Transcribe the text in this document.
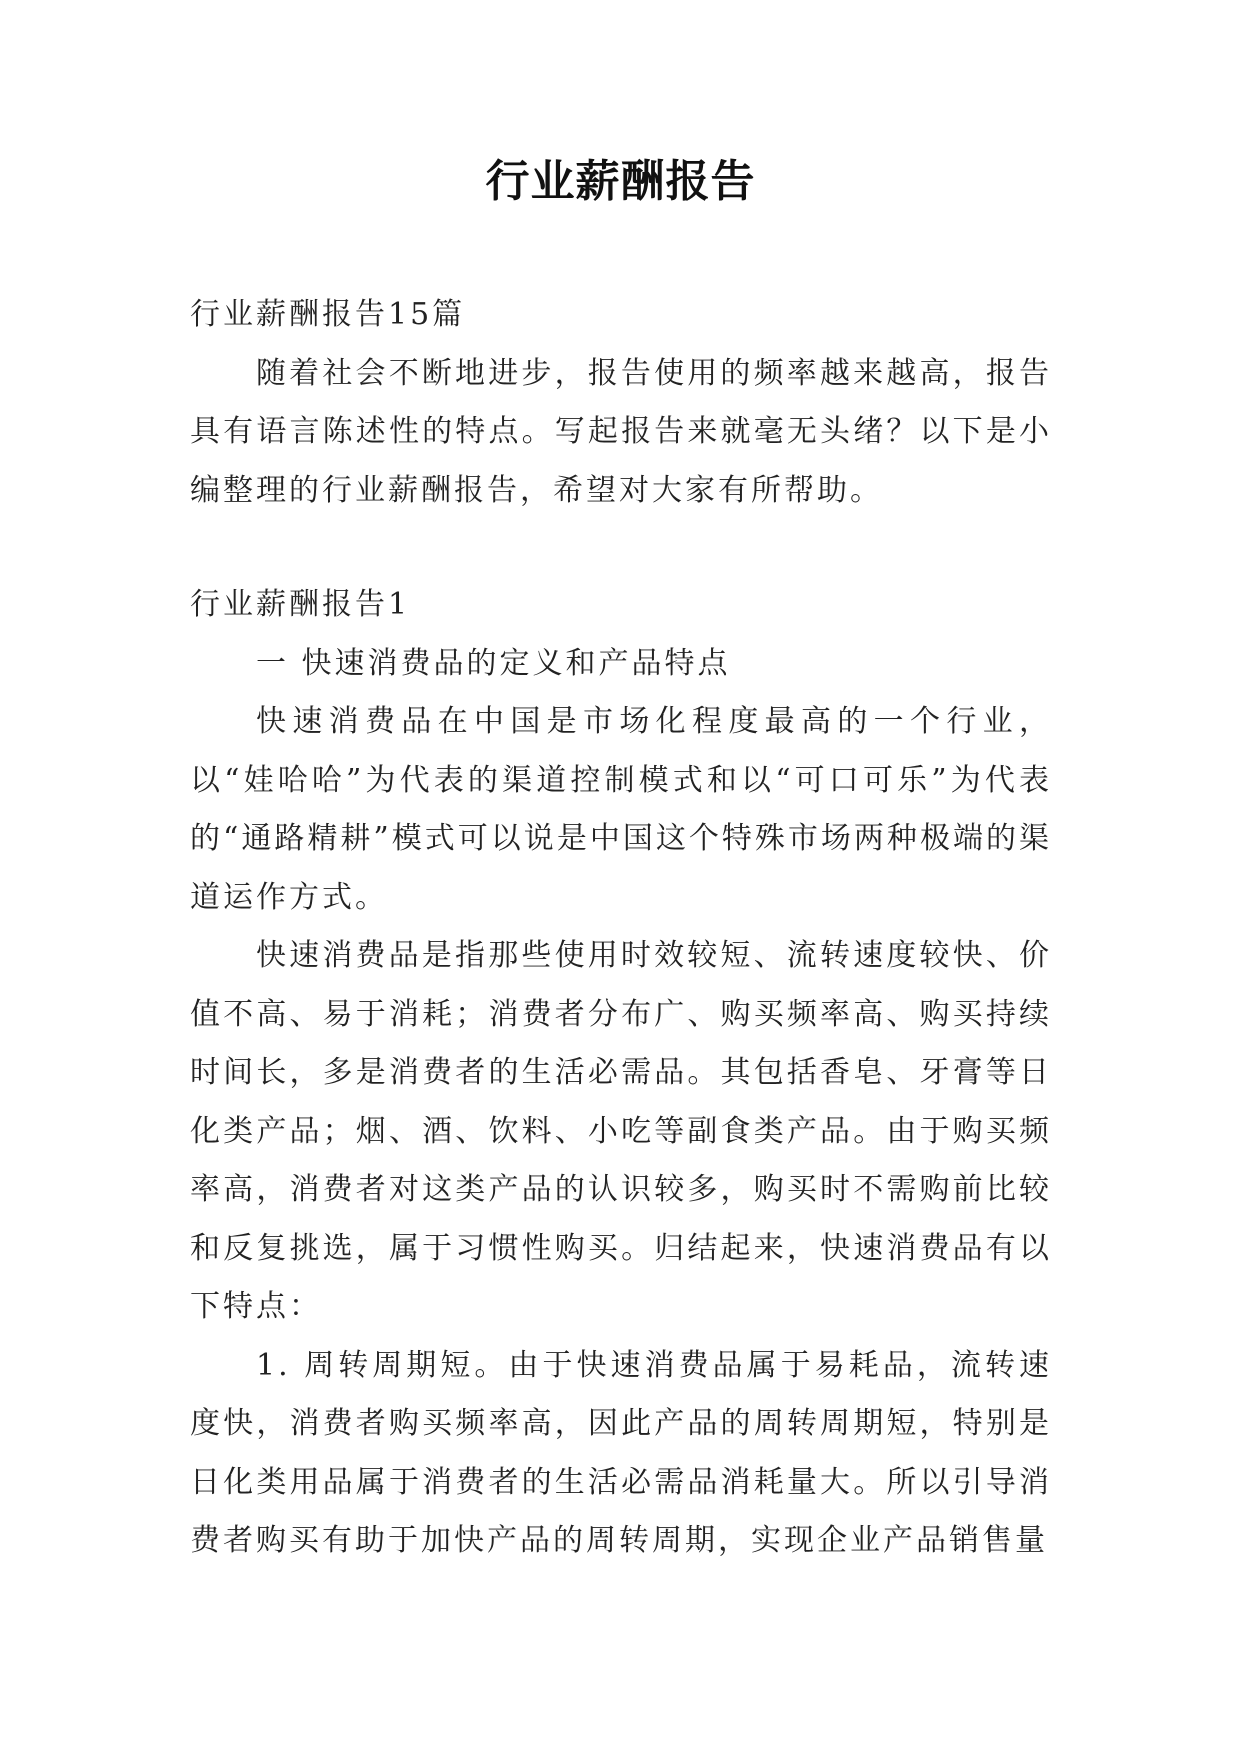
行业薪酬报告

行业薪酬报告15篇

随着社会不断地进步，报告使用的频率越来越高，报告具有语言陈述性的特点。写起报告来就毫无头绪？以下是小编整理的行业薪酬报告，希望对大家有所帮助。

行业薪酬报告1

一 快速消费品的定义和产品特点

快速消费品在中国是市场化程度最高的一个行业，以“娃哈哈”为代表的渠道控制模式和以“可口可乐”为代表的“通路精耕”模式可以说是中国这个特殊市场两种极端的渠道运作方式。

快速消费品是指那些使用时效较短、流转速度较快、价值不高、易于消耗；消费者分布广、购买频率高、购买持续时间长，多是消费者的生活必需品。其包括香皂、牙膏等日化类产品；烟、酒、饮料、小吃等副食类产品。由于购买频率高，消费者对这类产品的认识较多，购买时不需购前比较和反复挑选，属于习惯性购买。归结起来，快速消费品有以下特点：

1. 周转周期短。由于快速消费品属于易耗品，流转速度快，消费者购买频率高，因此产品的周转周期短，特别是日化类用品属于消费者的生活必需品消耗量大。所以引导消费者购买有助于加快产品的周转周期，实现企业产品销售量
